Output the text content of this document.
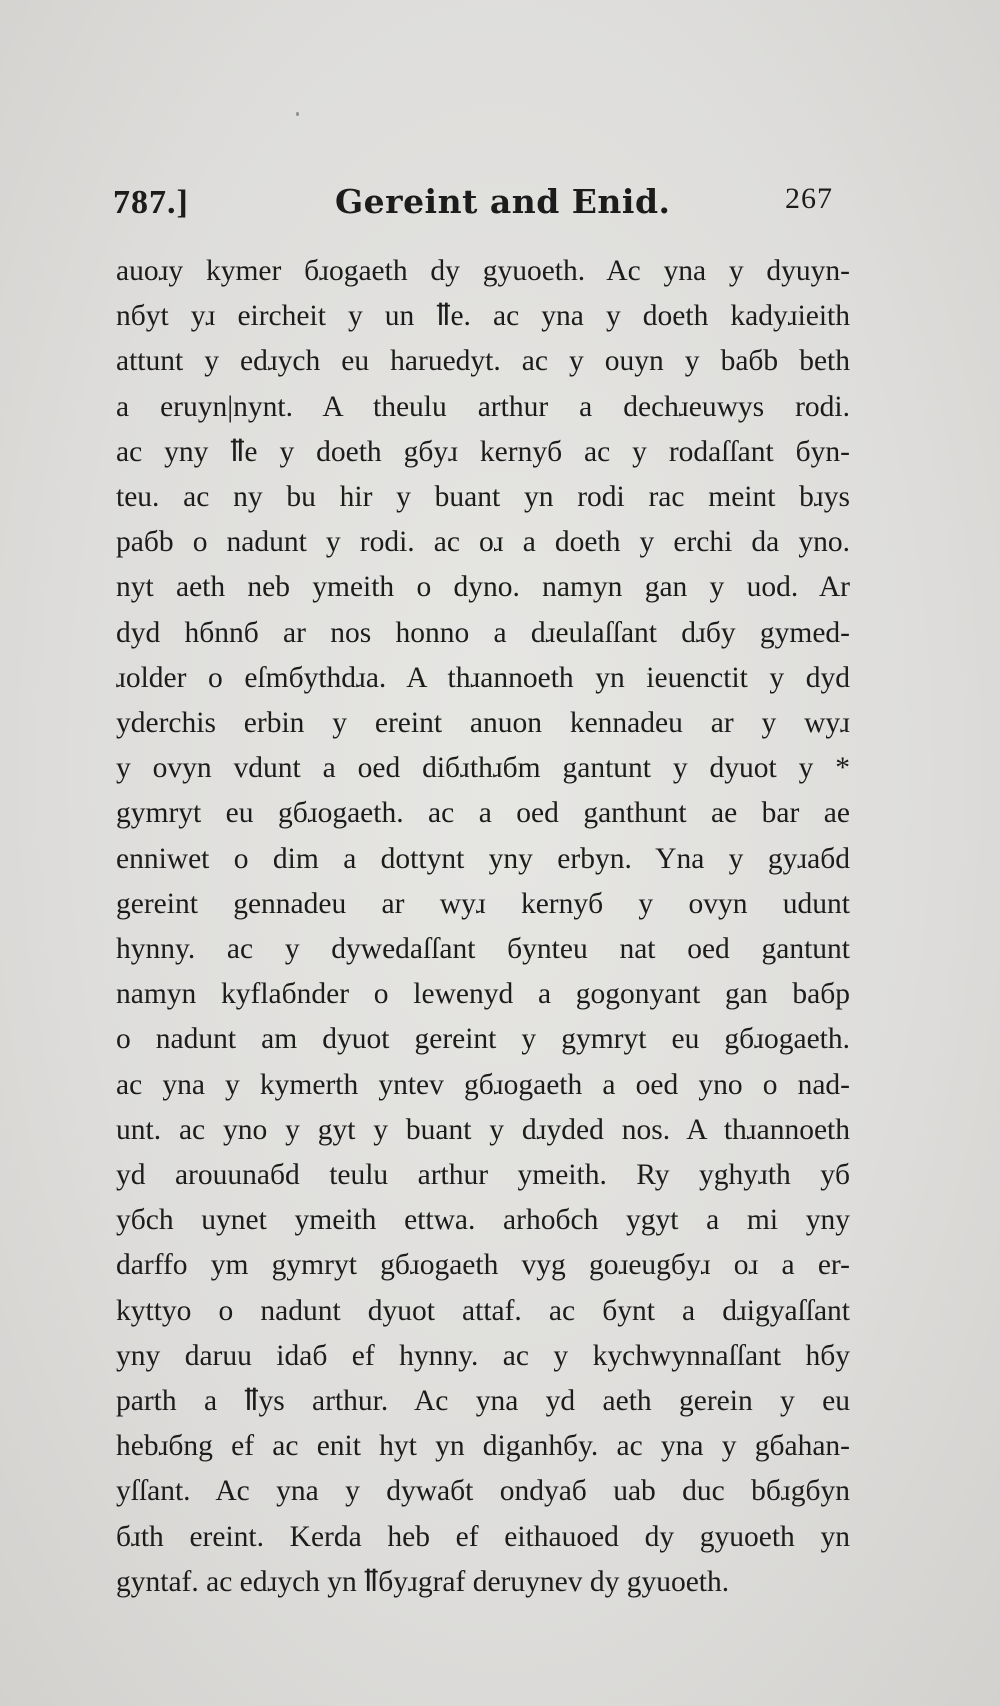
787.]	Gereint and Enid.	267
auoɹy kymer бɹogaeth dy gyuoeth. Ac yna y dyuyn-
nбyt yɹ eircheit y un ỻe. ac yna y doeth kadyɹieith
attunt y edɹych eu haruedyt. ac y ouyn y baбb beth
a eruyn|nynt. A theulu arthur a dechɹeuwys rodi.
ac yny ỻe y doeth gбyɹ kernyб ac y rodaſſant бyn-
teu. ac ny bu hir y buant yn rodi rac meint bɹys
paбb o nadunt y rodi. ac oɹ a doeth y erchi da yno.
nyt aeth neb ymeith o dyno. namyn gan y uod. Ar
dyd hбnnб ar nos honno a dɹeulaſſant dɹбy gymed-
ɹolder o eſmбythdɹa. A thɹannoeth yn ieuenctit y dyd
yderchis erbin y ereint anuon kennadeu ar y wyɹ
y ovyn vdunt a oed diбɹthɹбm gantunt y dyuot y *
gymryt eu gбɹogaeth. ac a oed ganthunt ae bar ae
enniwet o dim a dottynt yny erbyn. Yna y gyɹaбd
gereint gennadeu ar wyɹ kernyб y ovyn udunt
hynny. ac y dywedaſſant бynteu nat oed gantunt
namyn kyflaбnder o lewenyd a gogonyant gan baбp
o nadunt am dyuot gereint y gymryt eu gбɹogaeth.
ac yna y kymerth yntev gбɹogaeth a oed yno o nad-
unt. ac yno y gyt y buant y dɹyded nos. A thɹannoeth
yd arouunaбd teulu arthur ymeith. Ry yghyɹth yб
yбch uynet ymeith ettwa. arhoбch ygyt a mi yny
darffo ym gymryt gбɹogaeth vyg goɹeugбyɹ oɹ a er-
kyttyo o nadunt dyuot attaf. ac бynt a dɹigyaſſant
yny daruu idaб ef hynny. ac y kychwynnaſſant hбy
parth a ỻys arthur. Ac yna yd aeth gerein y eu
hebɹбng ef ac enit hyt yn diganhбy. ac yna y gбahan-
yſſant. Ac yna y dywaбt ondyaб uab duc bбɹgбyn
бɹth ereint. Kerda heb ef eithauoed dy gyuoeth yn
gyntaf. ac edɹych yn ỻбyɹgraf deruynev dy gyuoeth.
